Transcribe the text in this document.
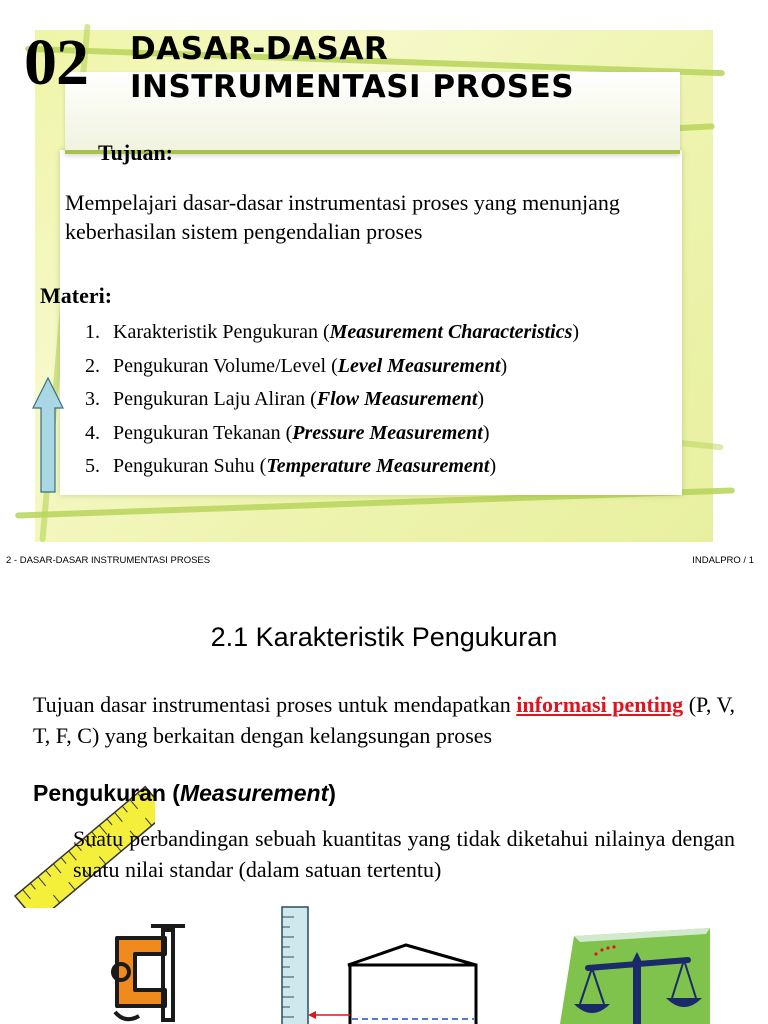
02 DASAR-DASAR
INSTRUMENTASI PROSES
Tujuan:
Mempelajari dasar-dasar instrumentasi proses yang menunjang keberhasilan sistem pengendalian proses
Materi:
1. Karakteristik Pengukuran (Measurement Characteristics)
2. Pengukuran Volume/Level (Level Measurement)
3. Pengukuran Laju Aliran (Flow Measurement)
4. Pengukuran Tekanan (Pressure Measurement)
5. Pengukuran Suhu (Temperature Measurement)
2 - DASAR-DASAR INSTRUMENTASI PROSES	INDALPRO / 1
2.1 Karakteristik Pengukuran
Tujuan dasar instrumentasi proses untuk mendapatkan informasi penting (P, V, T, F, C) yang berkaitan dengan kelangsungan proses
Pengukuran (Measurement)
Suatu perbandingan sebuah kuantitas yang tidak diketahui nilainya dengan suatu nilai standar (dalam satuan tertentu)
